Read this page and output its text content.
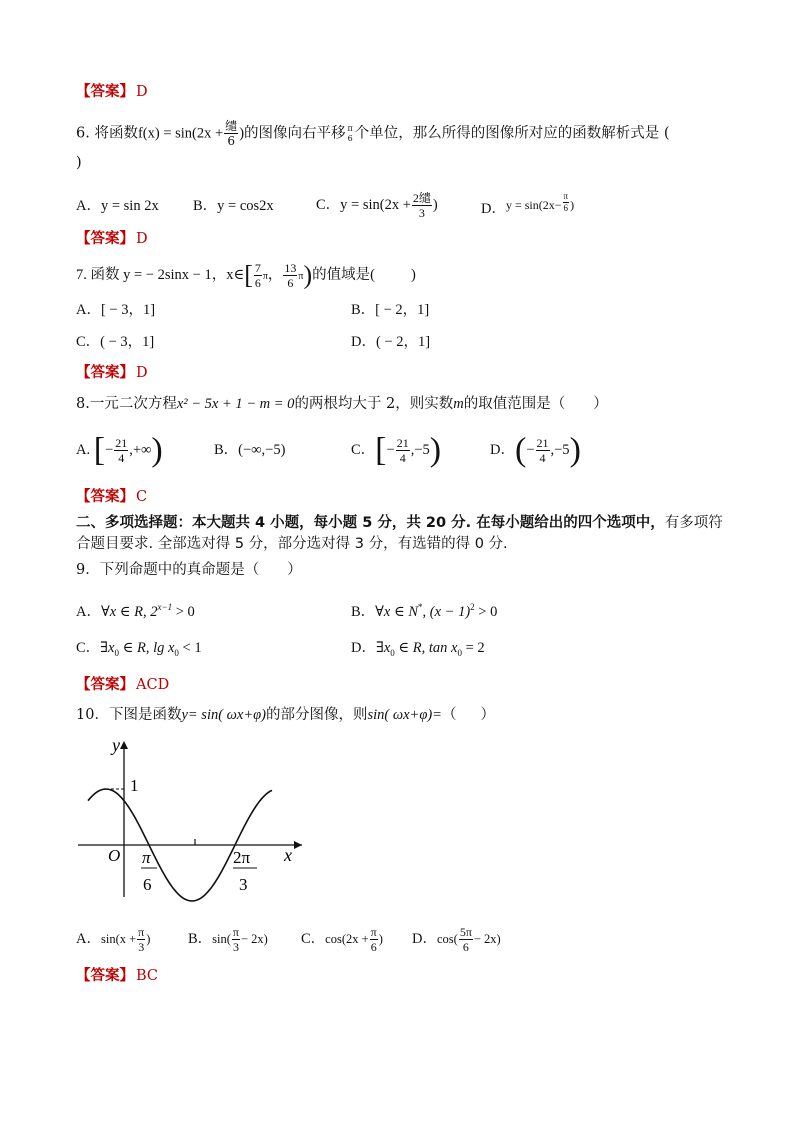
【答案】 D
6. 将函数$f(x) = \sin(2x + \frac{\text{缱}}{6}$ )的图像向右平移 π
6 个单位，那么所得的图像所对应的函数解析式是 (
)
A．y = sin 2x B．y = cos2x	C．$y = \sin(2x + \frac{\text{2缱}}{3}$ )	D．$^{y = sin(2x-} \frac{\pi}{6} ^)$
【答案】 D
7. 函数 y = − 2sinx − 1，x∈[ $\frac{7}{6}$ π， $\frac{13}{6} \pi$)的值域是( )
A．[ − 3，1]	B．[ − 2，1]
C．( − 3，1]	D．( − 2，1]
【答案】 D
8.一元二次方程x² − 5x + 1 − m = 0的两根均大于 2，则实数m的取值范围是（ ）
A. [− $\frac{21}{4}$ ,+∞)	B．(−∞,−5)	C．[− $\frac{21}{4} ,-5$)	D．(− $\frac{21}{4} ,-5$)
【答案】 C
二、多项选择题：本大题共 4 小题，每小题 5 分，共 20 分. 在每小题给出的四个选项中，有多项符合题目要求. 全部选对得 5 分，部分选对得 3 分，有选错的得 0 分.
9．下列命题中的真命题是（ ）
A．∀x ∈ R, $2^{x-1} > 0$	B．∀x ∈ N*, $(x - 1)^2 > 0$
C．$\exists x_0$ ∈ R, $\lg x_0 < 1$	D．$\exists x_0$ ∈ R, $\tan x_0 = 2$
【答案】 ACD
10．下图是函数y= sin( ωx+φ)的部分图像，则sin( ωx+φ)=（ ）
y
x
O
1
π
6
2π
3
A．$\sin(x + \frac{\pi}{3}$ )	B．$\sin( \frac{\pi}{3} - 2x)$ C．$\cos(2x + \frac{\pi}{6}$ ) D．$\cos( \frac{5\pi}{6} - 2x)$
【答案】 BC
